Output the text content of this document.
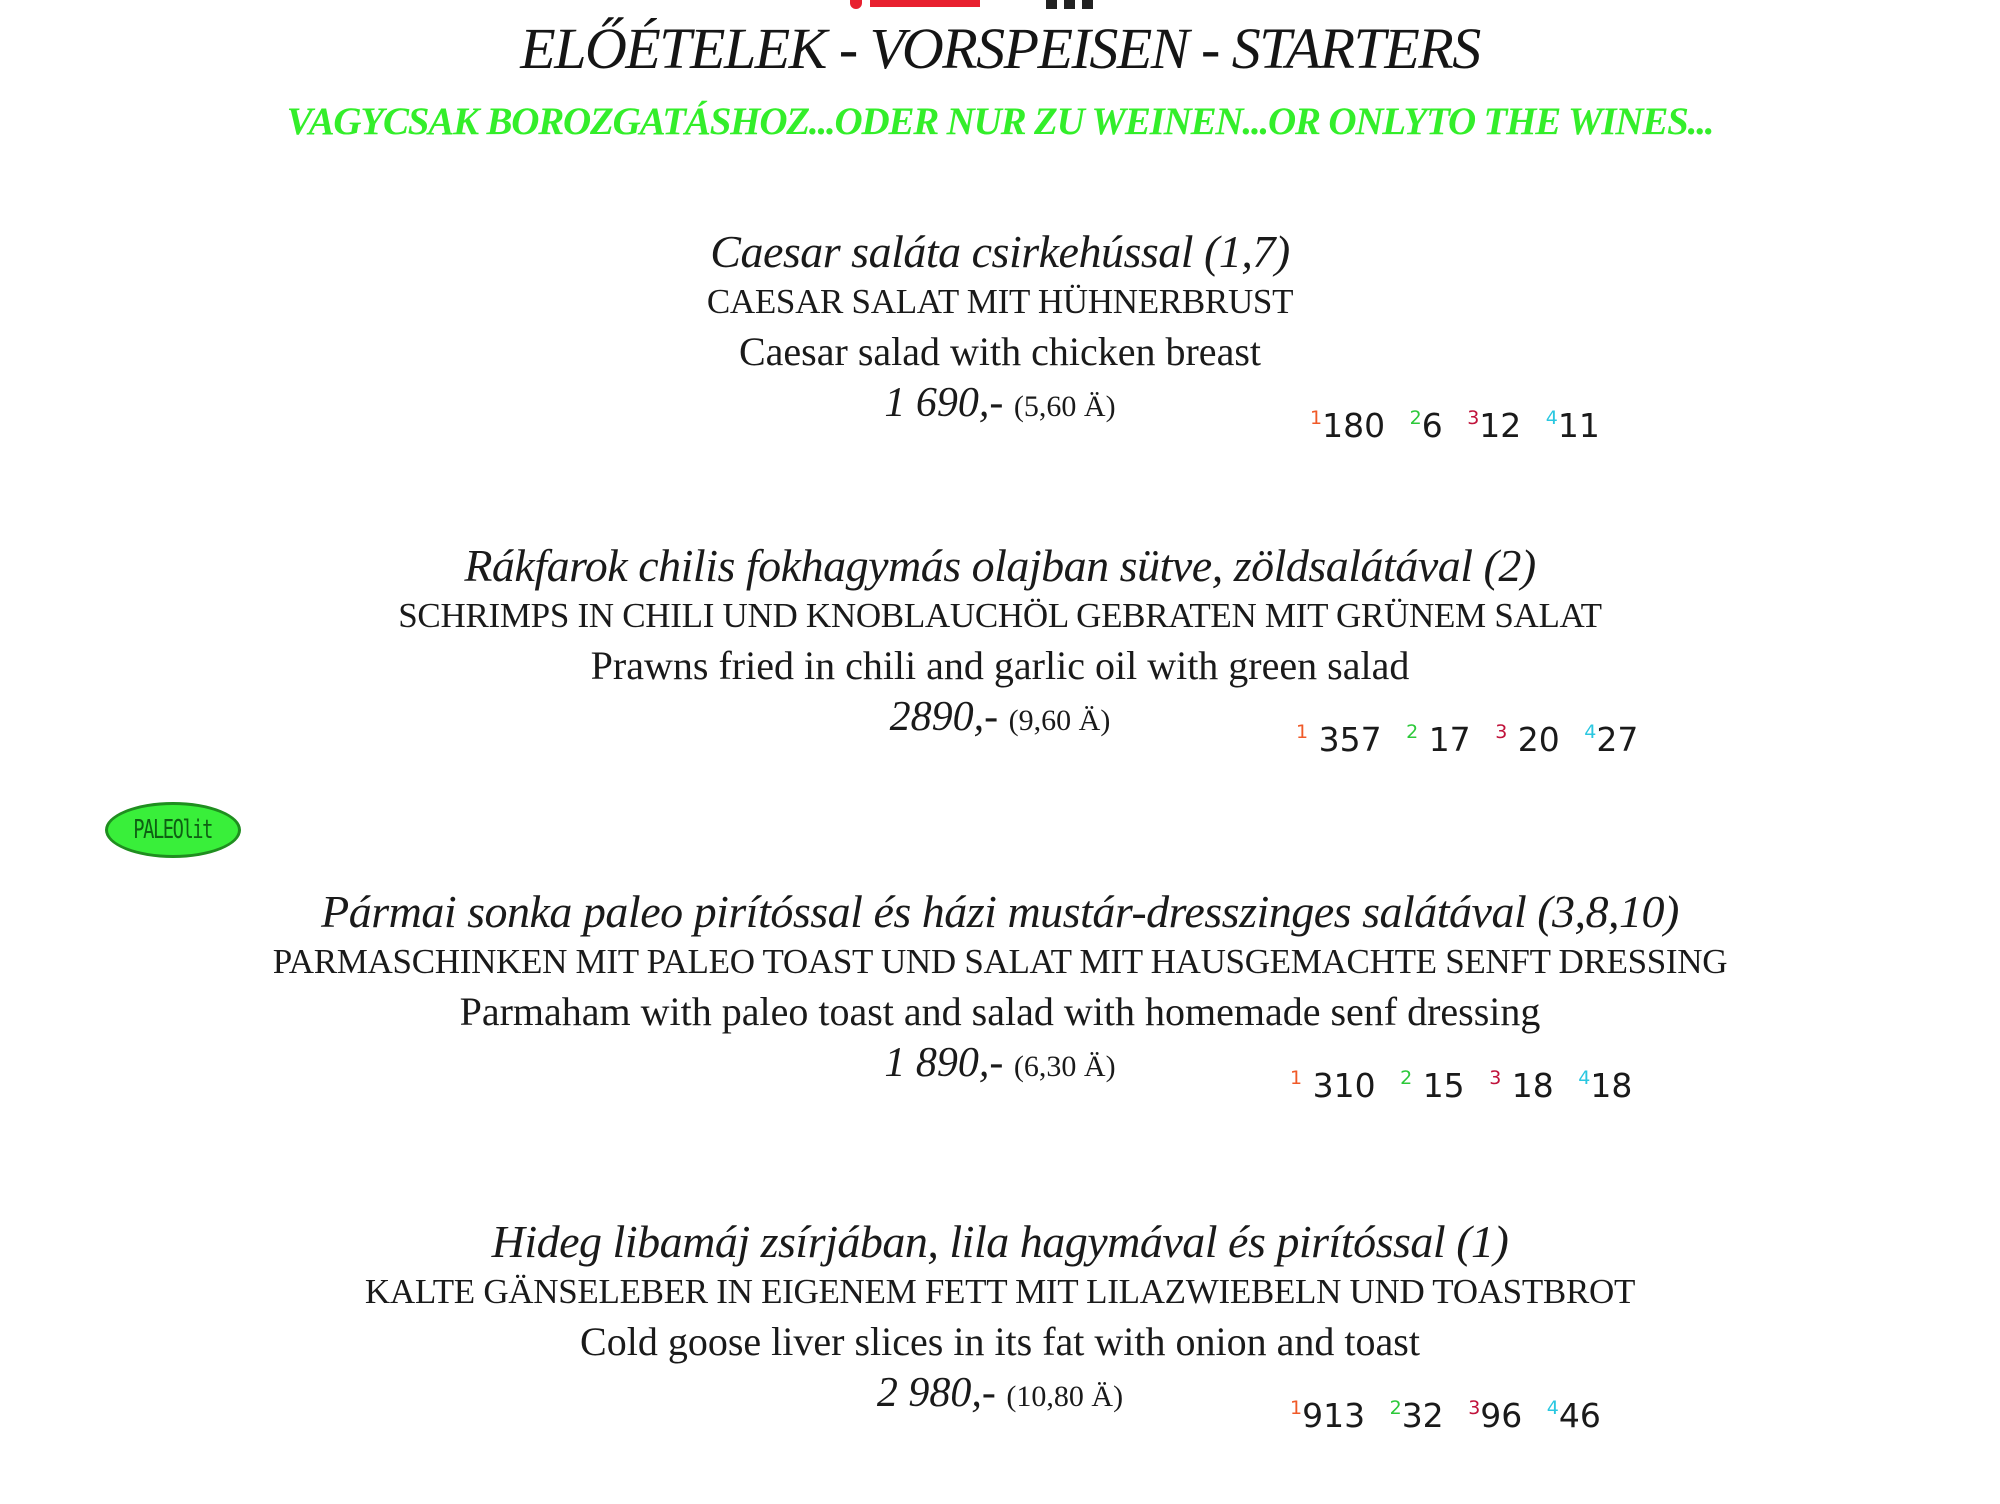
ELŐÉTELEK - VORSPEISEN - STARTERS
VAGYCSAK BOROZGATÁSHOZ...ODER NUR ZU WEINEN...OR ONLYTO THE WINES...
PALEOlit
Caesar saláta csirkehússal (1,7)
CAESAR SALAT MIT HÜHNERBRUST
Caesar salad with chicken breast
1 690,- (5,60 Ä)	$^1$180 $^2$6 $^3$12 $^4$11
Rákfarok chilis fokhagymás olajban sütve, zöldsalátával (2)
SCHRIMPS IN CHILI UND KNOBLAUCHÖL GEBRATEN MIT GRÜNEM SALAT
Prawns fried in chili and garlic oil with green salad
2890,- (9,60 Ä)	$^1$ 357 $^2$ 17 $^3$ 20 $^4$27
Pármai sonka paleo pirítóssal és házi mustár-dresszinges salátával (3,8,10)
PARMASCHINKEN MIT PALEO TOAST UND SALAT MIT HAUSGEMACHTE SENFT DRESSING
Parmaham with paleo toast and salad with homemade senf dressing
1 890,- (6,30 Ä)	$^1$ 310 $^2$ 15 $^3$ 18 $^4$18
Hideg libamáj zsírjában, lila hagymával és pirítóssal (1)
KALTE GÄNSELEBER IN EIGENEM FETT MIT LILAZWIEBELN UND TOASTBROT
Cold goose liver slices in its fat with onion and toast
2 980,- (10,80 Ä)	$^1$913 $^2$32 $^3$96 $^4$46
